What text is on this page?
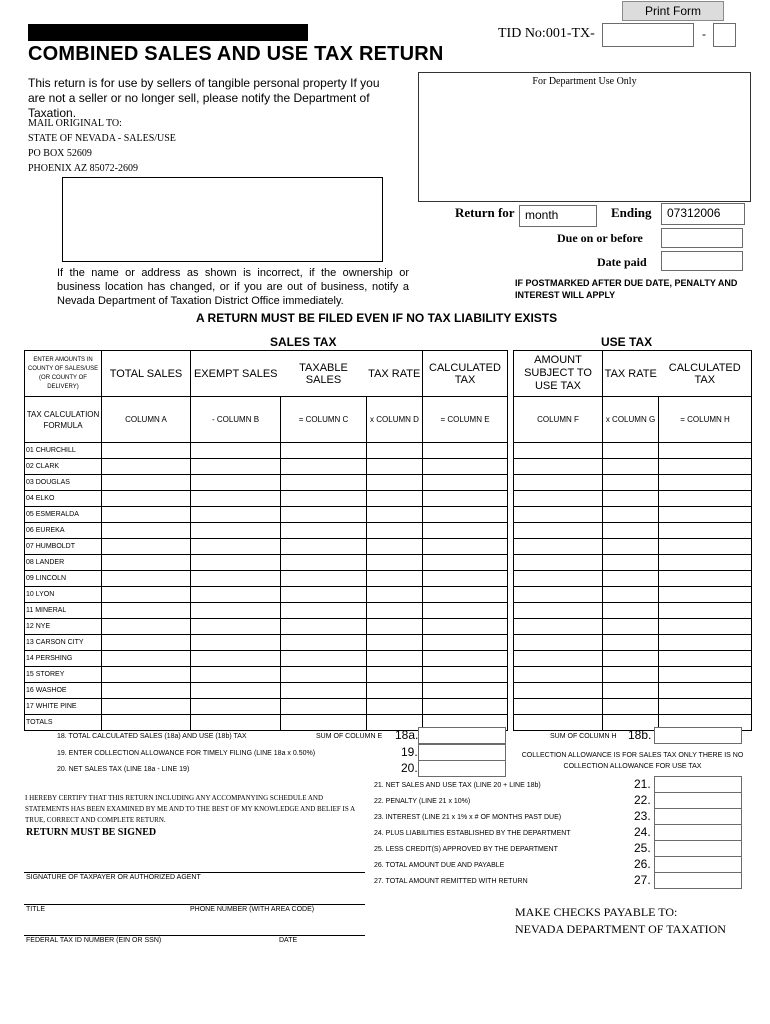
Print Form
TID No:001-TX-	-
COMBINED SALES AND USE TAX RETURN
This return is for use by sellers of tangible personal property If you are not a seller or no longer sell, please notify the Department of Taxation.
For Department Use Only
MAIL ORIGINAL TO:
STATE OF NEVADA - SALES/USE
PO BOX 52609
PHOENIX AZ 85072-2609
Return for month	Ending	07312006
Due on or before
Date paid
If the name or address as shown is incorrect, if the ownership or business location has changed, or if you are out of business, notify a Nevada Department of Taxation District Office immediately.
IF POSTMARKED AFTER DUE DATE, PENALTY AND INTEREST WILL APPLY
A RETURN MUST BE FILED EVEN IF NO TAX LIABILITY EXISTS
SALES TAX	USE TAX
ENTER AMOUNTS IN COUNTY OF SALES/USE (OR COUNTY OF DELIVERY)	TOTAL SALES	EXEMPT SALES	TAXABLE SALES	TAX RATE	CALCULATED TAX
TAX CALCULATION FORMULA	COLUMN A	- COLUMN B	= COLUMN C	x COLUMN D	= COLUMN E
01 CHURCHILL					
02 CLARK					
03 DOUGLAS					
04 ELKO					
05 ESMERALDA					
06 EUREKA					
07 HUMBOLDT					
08 LANDER					
09 LINCOLN					
10 LYON					
11 MINERAL					
12 NYE					
13 CARSON CITY					
14 PERSHING					
15 STOREY					
16 WASHOE					
17 WHITE PINE					
TOTALS					
AMOUNT SUBJECT TO USE TAX	TAX RATE	CALCULATED TAX
COLUMN F	x COLUMN G	= COLUMN H

18. TOTAL CALCULATED SALES (18a) AND USE (18b) TAX	SUM OF COLUMN E 18a.	SUM OF COLUMN H 18b.
19. ENTER COLLECTION ALLOWANCE FOR TIMELY FILING (LINE 18a x 0.50%)	19.	COLLECTION ALLOWANCE IS FOR SALES TAX ONLY THERE IS NO COLLECTION ALLOWANCE FOR USE TAX
20. NET SALES TAX (LINE 18a - LINE 19)	20.
21. NET SALES AND USE TAX (LINE 20 + LINE 18b)	21.
22. PENALTY (LINE 21 x 10%)	22.
23. INTEREST (LINE 21 x 1% x # OF MONTHS PAST DUE)	23.
24. PLUS LIABILITIES ESTABLISHED BY THE DEPARTMENT	24.
25. LESS CREDIT(S) APPROVED BY THE DEPARTMENT	25.
26. TOTAL AMOUNT DUE AND PAYABLE	26.
27. TOTAL AMOUNT REMITTED WITH RETURN	27.
I HEREBY CERTIFY THAT THIS RETURN INCLUDING ANY ACCOMPANYING SCHEDULE AND STATEMENTS HAS BEEN EXAMINED BY ME AND TO THE BEST OF MY KNOWLEDGE AND BELIEF IS A TRUE, CORRECT AND COMPLETE RETURN.
RETURN MUST BE SIGNED
SIGNATURE OF TAXPAYER OR AUTHORIZED AGENT
TITLE	PHONE NUMBER (WITH AREA CODE)
FEDERAL TAX ID NUMBER (EIN OR SSN)	DATE
MAKE CHECKS PAYABLE TO:
NEVADA DEPARTMENT OF TAXATION
